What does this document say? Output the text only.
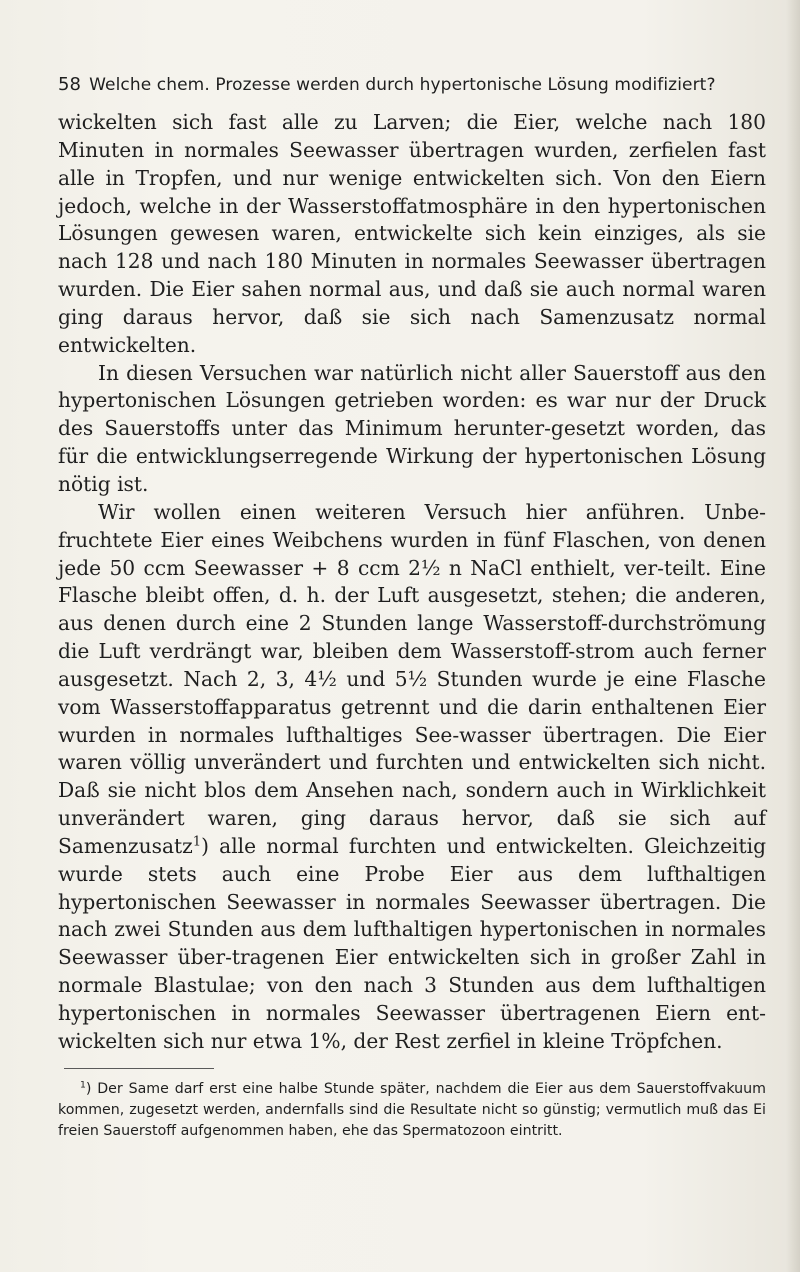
58 Welche chem. Prozesse werden durch hypertonische Lösung modifiziert?

wickelten sich fast alle zu Larven; die Eier, welche nach 180 Minuten in normales Seewasser übertragen wurden, zerfielen fast alle in Tropfen, und nur wenige entwickelten sich. Von den Eiern jedoch, welche in der Wasserstoffatmosphäre in den hypertonischen Lösungen gewesen waren, entwickelte sich kein einziges, als sie nach 128 und nach 180 Minuten in normales Seewasser übertragen wurden. Die Eier sahen normal aus, und daß sie auch normal waren ging daraus hervor, daß sie sich nach Samenzusatz normal entwickelten.

In diesen Versuchen war natürlich nicht aller Sauerstoff aus den hypertonischen Lösungen getrieben worden: es war nur der Druck des Sauerstoffs unter das Minimum herunter-gesetzt worden, das für die entwicklungserregende Wirkung der hypertonischen Lösung nötig ist.

Wir wollen einen weiteren Versuch hier anführen. Unbe-fruchtete Eier eines Weibchens wurden in fünf Flaschen, von denen jede 50 ccm Seewasser + 8 ccm 2½ n NaCl enthielt, ver-teilt. Eine Flasche bleibt offen, d. h. der Luft ausgesetzt, stehen; die anderen, aus denen durch eine 2 Stunden lange Wasserstoff-durchströmung die Luft verdrängt war, bleiben dem Wasserstoff-strom auch ferner ausgesetzt. Nach 2, 3, 4½ und 5½ Stunden wurde je eine Flasche vom Wasserstoffapparatus getrennt und die darin enthaltenen Eier wurden in normales lufthaltiges See-wasser übertragen. Die Eier waren völlig unverändert und furchten und entwickelten sich nicht. Daß sie nicht blos dem Ansehen nach, sondern auch in Wirklichkeit unverändert waren, ging daraus hervor, daß sie sich auf Samenzusatz$^1$) alle normal furchten und entwickelten. Gleichzeitig wurde stets auch eine Probe Eier aus dem lufthaltigen hypertonischen Seewasser in normales Seewasser übertragen. Die nach zwei Stunden aus dem lufthaltigen hypertonischen in normales Seewasser über-tragenen Eier entwickelten sich in großer Zahl in normale Blastulae; von den nach 3 Stunden aus dem lufthaltigen hypertonischen in normales Seewasser übertragenen Eiern ent-wickelten sich nur etwa 1%, der Rest zerfiel in kleine Tröpfchen.

$^1$) Der Same darf erst eine halbe Stunde später, nachdem die Eier aus dem Sauerstoffvakuum kommen, zugesetzt werden, andernfalls sind die Resultate nicht so günstig; vermutlich muß das Ei freien Sauerstoff aufgenommen haben, ehe das Spermatozoon eintritt.
